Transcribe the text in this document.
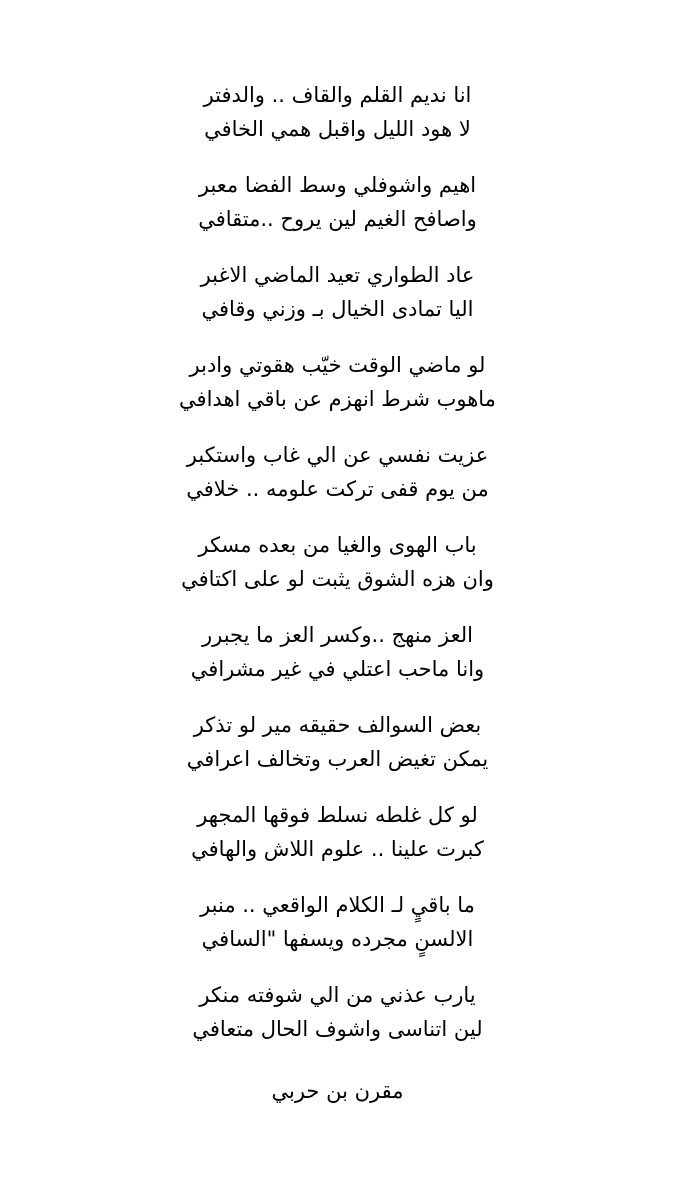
انا نديم القلم والقاف .. والدفتر
لا هود الليل واقبل همي الخافي
اهيم واشوفلي وسط الفضا معبر
واصافح الغيم لين يروح ..متقافي
عاد الطواري تعيد الماضي الاغبر
اليا تمادى الخيال بـ وزني وقافي
لو ماضي الوقت خيّب هقوتي وادبر
ماهوب شرط انهزم عن باقي اهدافي
عزيت نفسي عن الي غاب واستكبر
من يوم قفى تركت علومه .. خلافي
باب الهوى والغيا من بعده مسكر
وان هزه الشوق يثبت لو على اكتافي
العز منهج ..وكسر العز ما يجبرر
وانا ماحب اعتلي في غير مشرافي
بعض السوالف حقيقه مير لو تذكر
يمكن تغيض العرب وتخالف اعرافي
لو كل غلطه نسلط فوقها المجهر
كبرت علينا .. علوم اللاش والهافي
ما باقيٍ لـ الكلام الواقعي .. منبر
الالسنٍ مجرده ويسفها "السافي
يارب عذني من الي شوفته منكر
لين اتناسى واشوف الحال متعافي
مقرن بن حربي
